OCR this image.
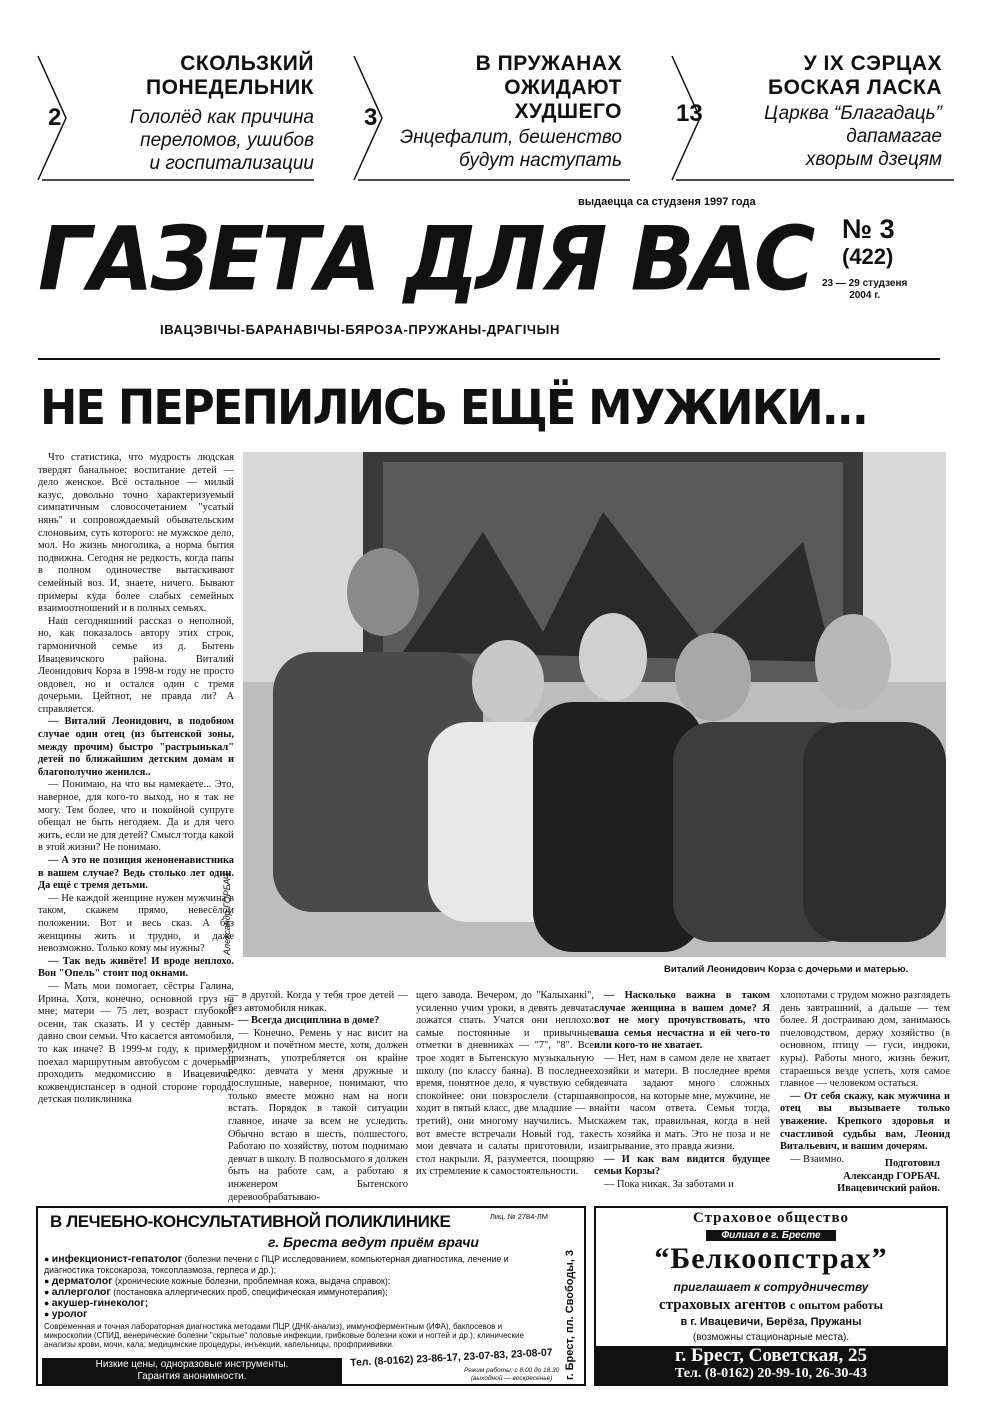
СКОЛЬЗКИЙ
ПОНЕДЕЛЬНИК
2	Гололёд как причина
переломов, ушибов
и госпитализации
В ПРУЖАНАХ
ОЖИДАЮТ
ХУДШЕГО
3
Энцефалит, бешенство
будут наступать
У ІХ СЭРЦАХ
БОСКАЯ ЛАСКА
13	Царква “Благадаць”
дапамагае
хворым дзецям
выдаецца са студзеня 1997 года
ГАЗЕТА ДЛЯ ВАС
ІВАЦЭВІЧЫ-БАРАНАВІЧЫ-БЯРОЗА-ПРУЖАНЫ-ДРАГІЧЫН
№ 3
(422)
23 — 29 студзеня
2004 г.
НЕ ПЕРЕПИЛИСЬ ЕЩЁ МУЖИКИ...
Александр ГОРБАЧ.
Виталий Леонидович Корза с дочерьми и матерью.

Что статистика, что мудрость людская твердят банальное: воспитание детей — дело женское. Всё остальное — милый казус, довольно точно характеризуемый симпатичным словосочетанием "усатый нянь" и сопровождаемый обывательским слоновьим, суть которого: не мужское дело, мол. Но жизнь многолика, а норма бытия подвижна. Сегодня не редкость, когда папы в полном одиночестве вытаскивают семейный воз. И, знаете, ничего. Бывают примеры куда более слабых семейных взаимоотношений и в полных семьях.

Наш сегодняшний рассказ о неполной, но, как показалось автору этих строк, гармоничной семье из д. Бытень Ивацевичского района. Виталий Леонидович Корза в 1998-м году не просто овдовел, но и остался один с тремя дочерьми. Цейтнот, не правда ли? А справляется.

— Виталий Леонидович, в подобном случае один отец (из бытенской зоны, между прочим) быстро "растрынькал" детей по ближайшим детским домам и благополучно женился..

— Понимаю, на что вы намекаете... Это, наверное, для кого-то выход, но я так не могу. Тем более, что и покойной супруге обещал не быть негодяем. Да и для чего жить, если не для детей? Смысл тогда какой в этой жизни? Не понимаю.

— А это не позиция женоненавистника в вашем случае? Ведь столько лет один. Да ещё с тремя детьми.

— Не каждой женщине нужен мужчина в таком, скажем прямо, невесёлом положении. Вот и весь сказ. А без женщины жить и трудно, и даже невозможно. Только кому мы нужны?

— Так ведь живёте! И вроде неплохо. Вон "Опель" стоит под окнами.

— Мать мои помогает, сёстры Галина, Ирина. Хотя, конечно, основной груз на мне; матери — 75 лет, возраст глубокой осени, так сказать. И у сестёр давным-давно свои семьи. Что касается автомобиля, то как иначе? В 1999-м году, к примеру, поехал маршрутным автобусом с дочерьми проходить медкомиссию в Ивацевичи: кожвендиспансер в одной стороне города, детская поликлиника

— в другой. Когда у тебя трое детей — без автомобиля никак.

— Всегда дисциплина в доме?

— Конечно. Ремень у нас висит на видном и почётном месте, хотя, должен признать, употребляется он крайне редко: девчата у меня дружные и послушные, наверное, понимают, что только вместе можно нам на ноги встать. Порядок в такой ситуации главное, иначе за всем не уследить. Обычно встаю в шесть, полшестого. Работаю по хозяйству, потом поднимаю девчат в школу. В полвосьмого я должен быть на работе сам, а работаю я инженером Бытенского деревообрабатываю-

щего завода. Вечером, до "Калыханкі", усиленно учим уроки, в девять девчата ложатся спать. Учатся они неплохо: самые постоянные и привычные отметки в дневниках — "7", "8". Все трое ходят в Бытенскую музыкальную школу (по классу баяна). В последнее время, понятное дело, я чувствую себя спокойнее: они повзрослели (старшая ходит в пятый класс, две младшие — в третий), они многому научились. Мы вот вместе встречали Новый год, так мои девчата и салаты приготовили, и стол накрыли. Я, разумеется, поощряю их стремление к самостоятельности.

— Насколько важна в таком случае женщина в вашем доме? Я вот не могу прочувствовать, что ваша семья несчастна и ей чего-то или кого-то не хватает.

— Нет, нам в самом деле не хватает хозяйки и матери. В последнее время девчата задают много сложных вопросов, на которые мне, мужчине, не найти часом ответа. Семья тогда, скажем так, правильная, когда в ней есть хозяйка и мать. Это не поза и не заигрывание, это правда жизни.

— И как вам видится будущее семьи Корзы?

— Пока никак. За заботами и

хлопотами с трудом можно разглядеть день завтрашний, а дальше — тем более. Я достраиваю дом, занимаюсь пчеловодством, держу хозяйство (в основном, птицу — гуси, индюки, куры). Работы много, жизнь бежит, стараешься везде успеть, хотя самое главное — человеком остаться.

— От себя скажу, как мужчина и отец вы вызываете только уважение. Крепкого здоровья и счастливой судьбы вам, Леонид Витальевич, и вашим дочерям.

— Взаимно.	Подготовил
Александр ГОРБАЧ.
Ивацевичский район.
В ЛЕЧЕБНО-КОНСУЛЬТАТИВНОЙ ПОЛИКЛИНИКЕ	Лиц. № 2784-ЛМ
г. Бреста ведут приём врачи
● инфекционист-гепатолог (болезни печени с ПЦР исследованием, компьютерная диагностика, лечение и диагностика токсокароза, токсоплазмоза, герпеса и др.);
● дерматолог (хронические кожные болезни, проблемная кожа, выдача справок);
● аллерголог (постановка аллергических проб, специфическая иммунотерапия);
● акушер-гинеколог;
● уролог
Современная и точная лабораторная диагностика методами ПЦР (ДНК-анализ), иммуноферментным (ИФА), бакпосевов и микроскопии (СПИД, венерические болезни "скрытые" половые инфекции, грибковые болезни кожи и ногтей и др.); клинические анализы крови, мочи, кала; медицинские процедуры, инъекции, капельницы, профприививки.
Низкие цены, одноразовые инструменты.
Гарантия анонимности.
Тел. (8-0162) 23-86-17, 23-07-83, 23-08-07
Режим работы: с 8.00 до 18.30
(выходной — воскресенье)	г. Брест, пл. Свободы, 3
Страховое общество
Филиал в г. Бресте
“Белкоопстрах”
приглашает к сотрудничеству
страховых агентов с опытом работы
в г. Ивацевичи, Берёза, Пружаны
(возможны стационарные места).
г. Брест, Советская, 25
Тел. (8-0162) 20-99-10, 26-30-43
